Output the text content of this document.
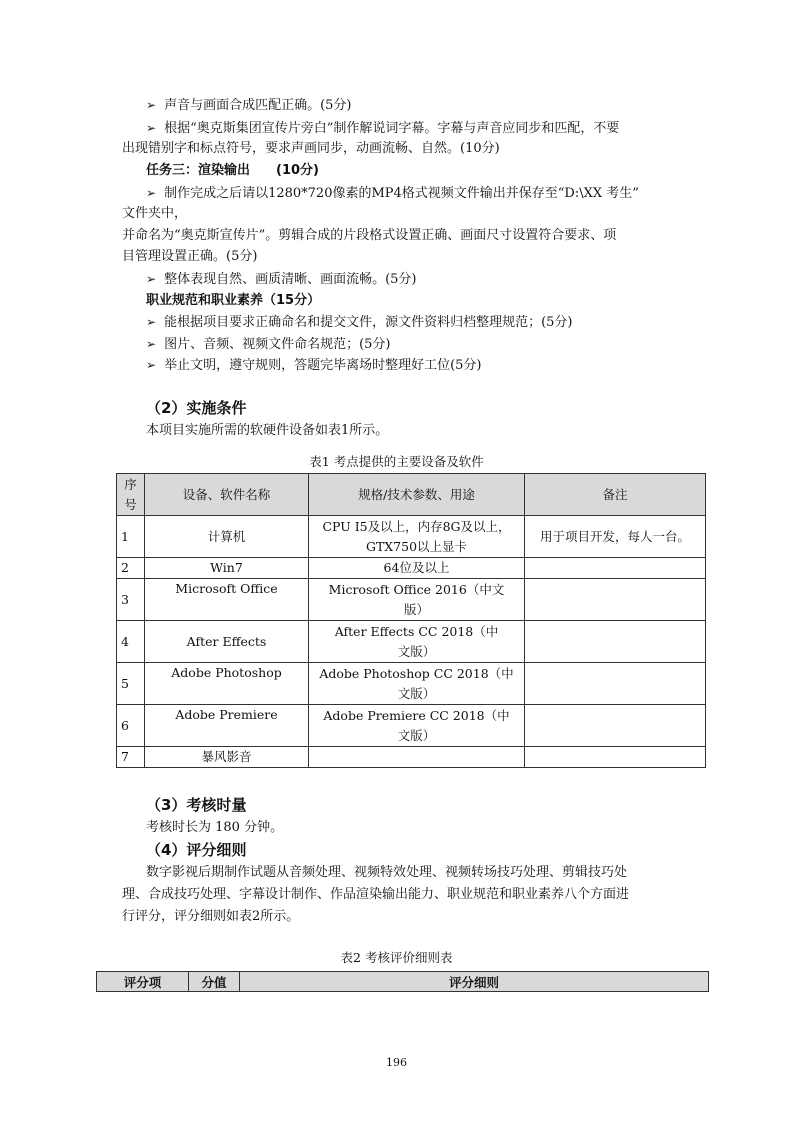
➢ 声音与画面合成匹配正确。(5分)
➢ 根据“奥克斯集团宣传片旁白”制作解说词字幕。字幕与声音应同步和匹配，不要
出现错别字和标点符号，要求声画同步，动画流畅、自然。(10分)
任务三：渲染输出　　(10分)
➢ 制作完成之后请以1280*720像素的MP4格式视频文件输出并保存至“D:\XX 考生”
文件夹中，
并命名为“奥克斯宣传片”。剪辑合成的片段格式设置正确、画面尺寸设置符合要求、项
目管理设置正确。(5分)
➢ 整体表现自然、画质清晰、画面流畅。(5分)
职业规范和职业素养（15分）
➢ 能根据项目要求正确命名和提交文件，源文件资料归档整理规范；(5分)
➢ 图片、音频、视频文件命名规范；(5分)
➢ 举止文明，遵守规则，答题完毕离场时整理好工位(5分)
（2）实施条件
本项目实施所需的软硬件设备如表1所示。
表1 考点提供的主要设备及软件
序
号	设备、软件名称	规格/技术参数、用途	备注
1	计算机	CPU I5及以上，内存8G及以上，
GTX750以上显卡	用于项目开发，每人一台。
2	Win7	64位及以上	
3	Microsoft Office	Microsoft Office 2016（中文
版）	
4	After Effects	After Effects CC 2018（中
文版）	
5	Adobe Photoshop	Adobe Photoshop CC 2018（中
文版）	
6	Adobe Premiere	Adobe Premiere CC 2018（中
文版）	
7	暴风影音		
（3）考核时量
考核时长为 180 分钟。
（4）评分细则
数字影视后期制作试题从音频处理、视频特效处理、视频转场技巧处理、剪辑技巧处
理、合成技巧处理、字幕设计制作、作品渲染输出能力、职业规范和职业素养八个方面进
行评分，评分细则如表2所示。
表2 考核评价细则表
评分项	分值	评分细则
196
